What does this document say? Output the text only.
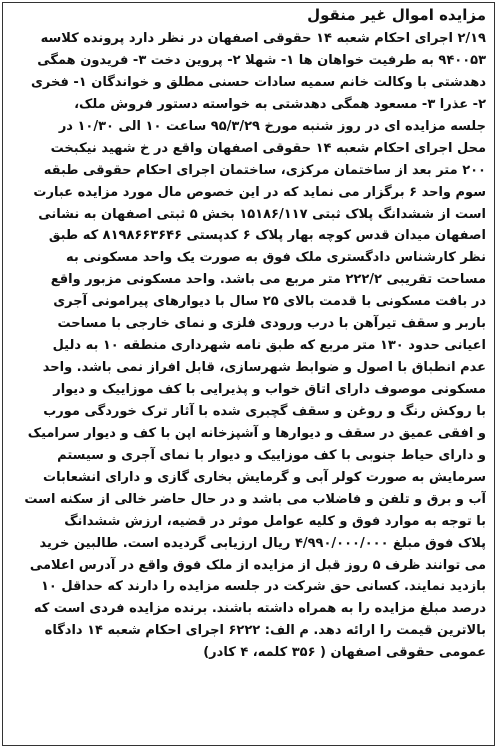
مزایده اموال غیر منقول
۲/۱۹ اجرای احکام شعبه ۱۴ حقوقی اصفهان در نظر دارد پرونده کلاسه
۹۴۰۰۵۳ به طرفیت خواهان ها ۱- شهلا ۲- پروین دخت ۳- فریدون همگی
دهدشتی با وکالت خانم سمیه سادات حسنی مطلق و خواندگان ۱- فخری
۲- عذرا ۳- مسعود همگی دهدشتی به خواسته دستور فروش ملک،
جلسه مزایده ای در روز شنبه مورخ ۹۵/۳/۲۹ ساعت ۱۰ الی ۱۰/۳۰ در
محل اجرای احکام شعبه ۱۴ حقوقی اصفهان واقع در خ شهید نیکبخت
۲۰۰ متر بعد از ساختمان مرکزی، ساختمان اجرای احکام حقوقی طبقه
سوم واحد ۶ برگزار می نماید که در این خصوص مال مورد مزایده عبارت
است از ششدانگ پلاک ثبتی ۱۵۱۸۶/۱۱۷ بخش ۵ ثبتی اصفهان به نشانی
اصفهان میدان قدس کوچه بهار پلاک ۶ کدپستی ۸۱۹۸۶۶۳۶۴۶ که طبق
نظر کارشناس دادگستری ملک فوق به صورت یک واحد مسکونی به
مساحت تقریبی ۲۲۲/۲ متر مربع می باشد. واحد مسکونی مزبور واقع
در بافت مسکونی با قدمت بالای ۲۵ سال با دیوارهای پیرامونی آجری
باربر و سقف تیرآهن با درب ورودی فلزی و نمای خارجی با مساحت
اعیانی حدود ۱۳۰ متر مربع که طبق نامه شهرداری منطقه ۱۰ به دلیل
عدم انطباق با اصول و ضوابط شهرسازی، قابل افراز نمی باشد. واحد
مسکونی موصوف دارای اتاق خواب و پذیرایی با کف موزاییک و دیوار
با روکش رنگ و روغن و سقف گچبری شده با آثار ترک خوردگی مورب
و افقی عمیق در سقف و دیوارها و آشپزخانه اپن با کف و دیوار سرامیک
و دارای حیاط جنوبی با کف موزاییک و دیوار با نمای آجری و سیستم
سرمایش به صورت کولر آبی و گرمایش بخاری گازی و دارای انشعابات
آب و برق و تلفن و فاضلاب می باشد و در حال حاضر خالی از سکنه است
با توجه به موارد فوق و کلیه عوامل موثر در قضیه، ارزش ششدانگ
پلاک فوق مبلغ ۴/۹۹۰/۰۰۰/۰۰۰ ریال ارزیابی گردیده است. طالبین خرید
می توانند ظرف ۵ روز قبل از مزایده از ملک فوق واقع در آدرس اعلامی
بازدید نمایند. کسانی حق شرکت در جلسه مزایده را دارند که حداقل ۱۰
درصد مبلغ مزایده را به همراه داشته باشند. برنده مزایده فردی است که
بالاترین قیمت را ارائه دهد. م الف: ۶۲۲۲ اجرای احکام شعبه ۱۴ دادگاه
عمومی حقوقی اصفهان ( ۳۵۶ کلمه، ۴ کادر)
